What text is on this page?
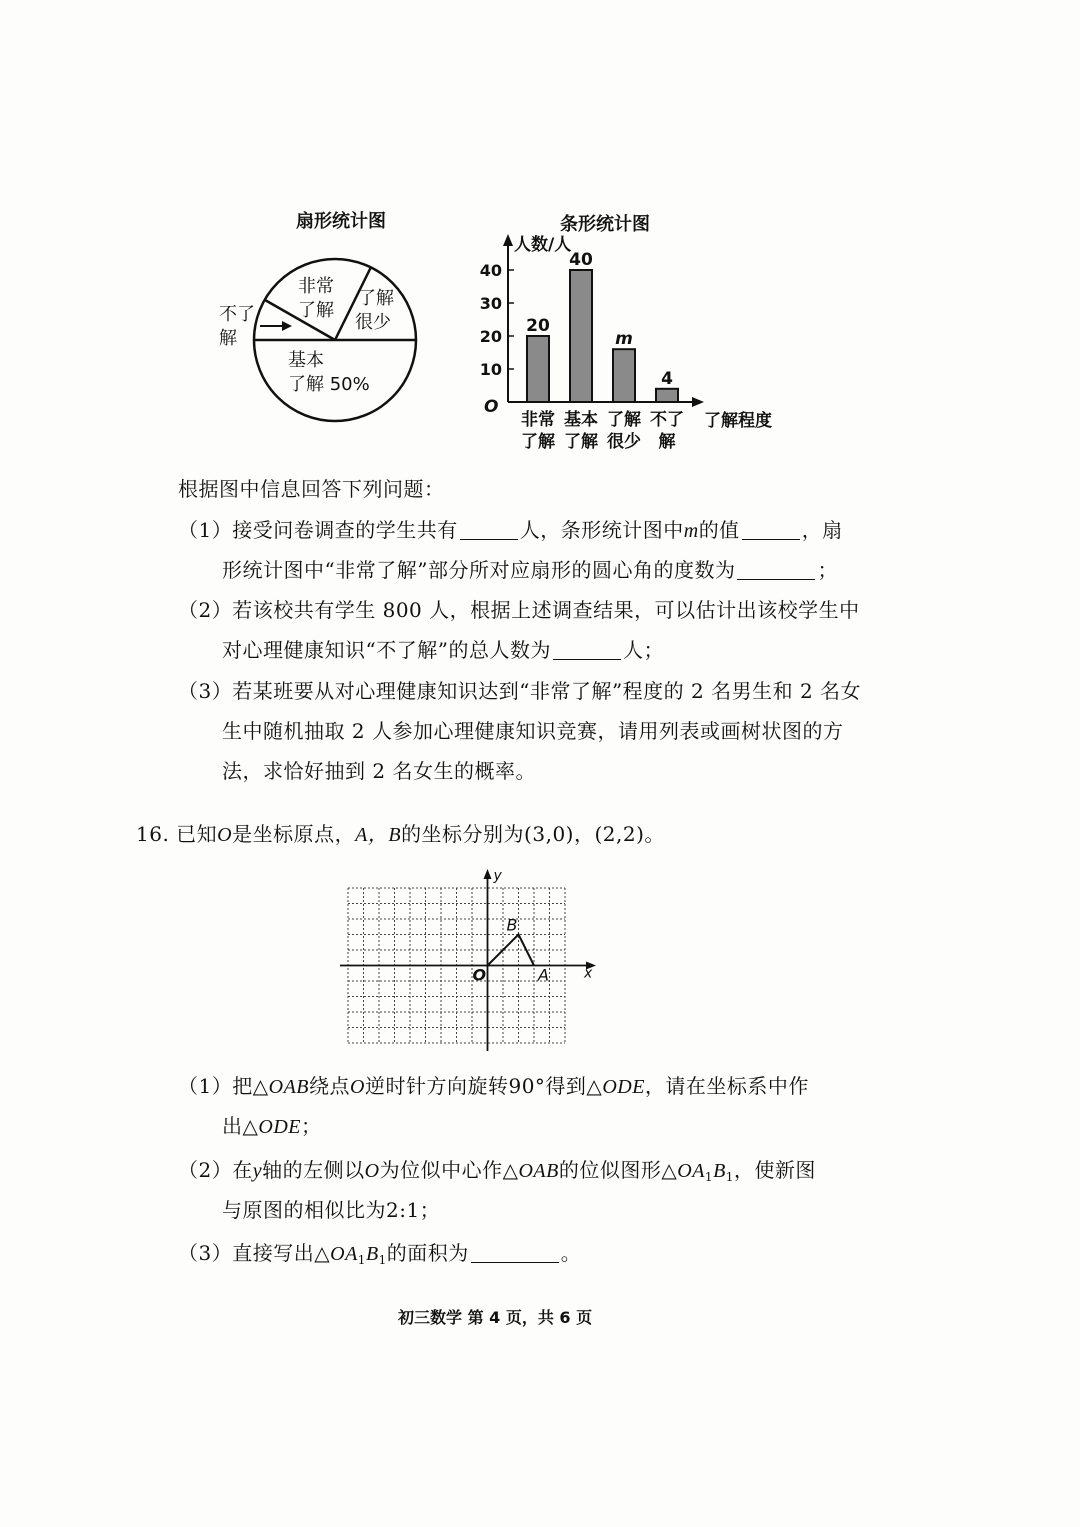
扇形统计图
非常
了解
了解
很少
不了
解
基本
了解 50%
条形统计图
人数/人
了解程度
O
10
20
30
40
20
非常
了解
40
基本
了解
m
了解
很少
4
不了
解
根据图中信息回答下列问题：
（1）接受问卷调查的学生共有	人，条形统计图中m的值	，扇
形统计图中“非常了解”部分所对应扇形的圆心角的度数为	；
（2）若该校共有学生 800 人，根据上述调查结果，可以估计出该校学生中
对心理健康知识“不了解”的总人数为	人；
（3）若某班要从对心理健康知识达到“非常了解”程度的 2 名男生和 2 名女
生中随机抽取 2 人参加心理健康知识竞赛，请用列表或画树状图的方
法，求恰好抽到 2 名女生的概率。
16. 已知O是坐标原点，A，B的坐标分别为(3,0)，(2,2)。
y
x
O	A
B
（1）把△OAB绕点O逆时针方向旋转90°得到△ODE，请在坐标系中作
出△ODE；
（2）在y轴的左侧以O为位似中心作△OAB的位似图形$\triangle OA_1B_1$，使新图
与原图的相似比为2:1；
（3）直接写出$\triangle OA_1B_1$的面积为	。
初三数学 第 4 页，共 6 页
